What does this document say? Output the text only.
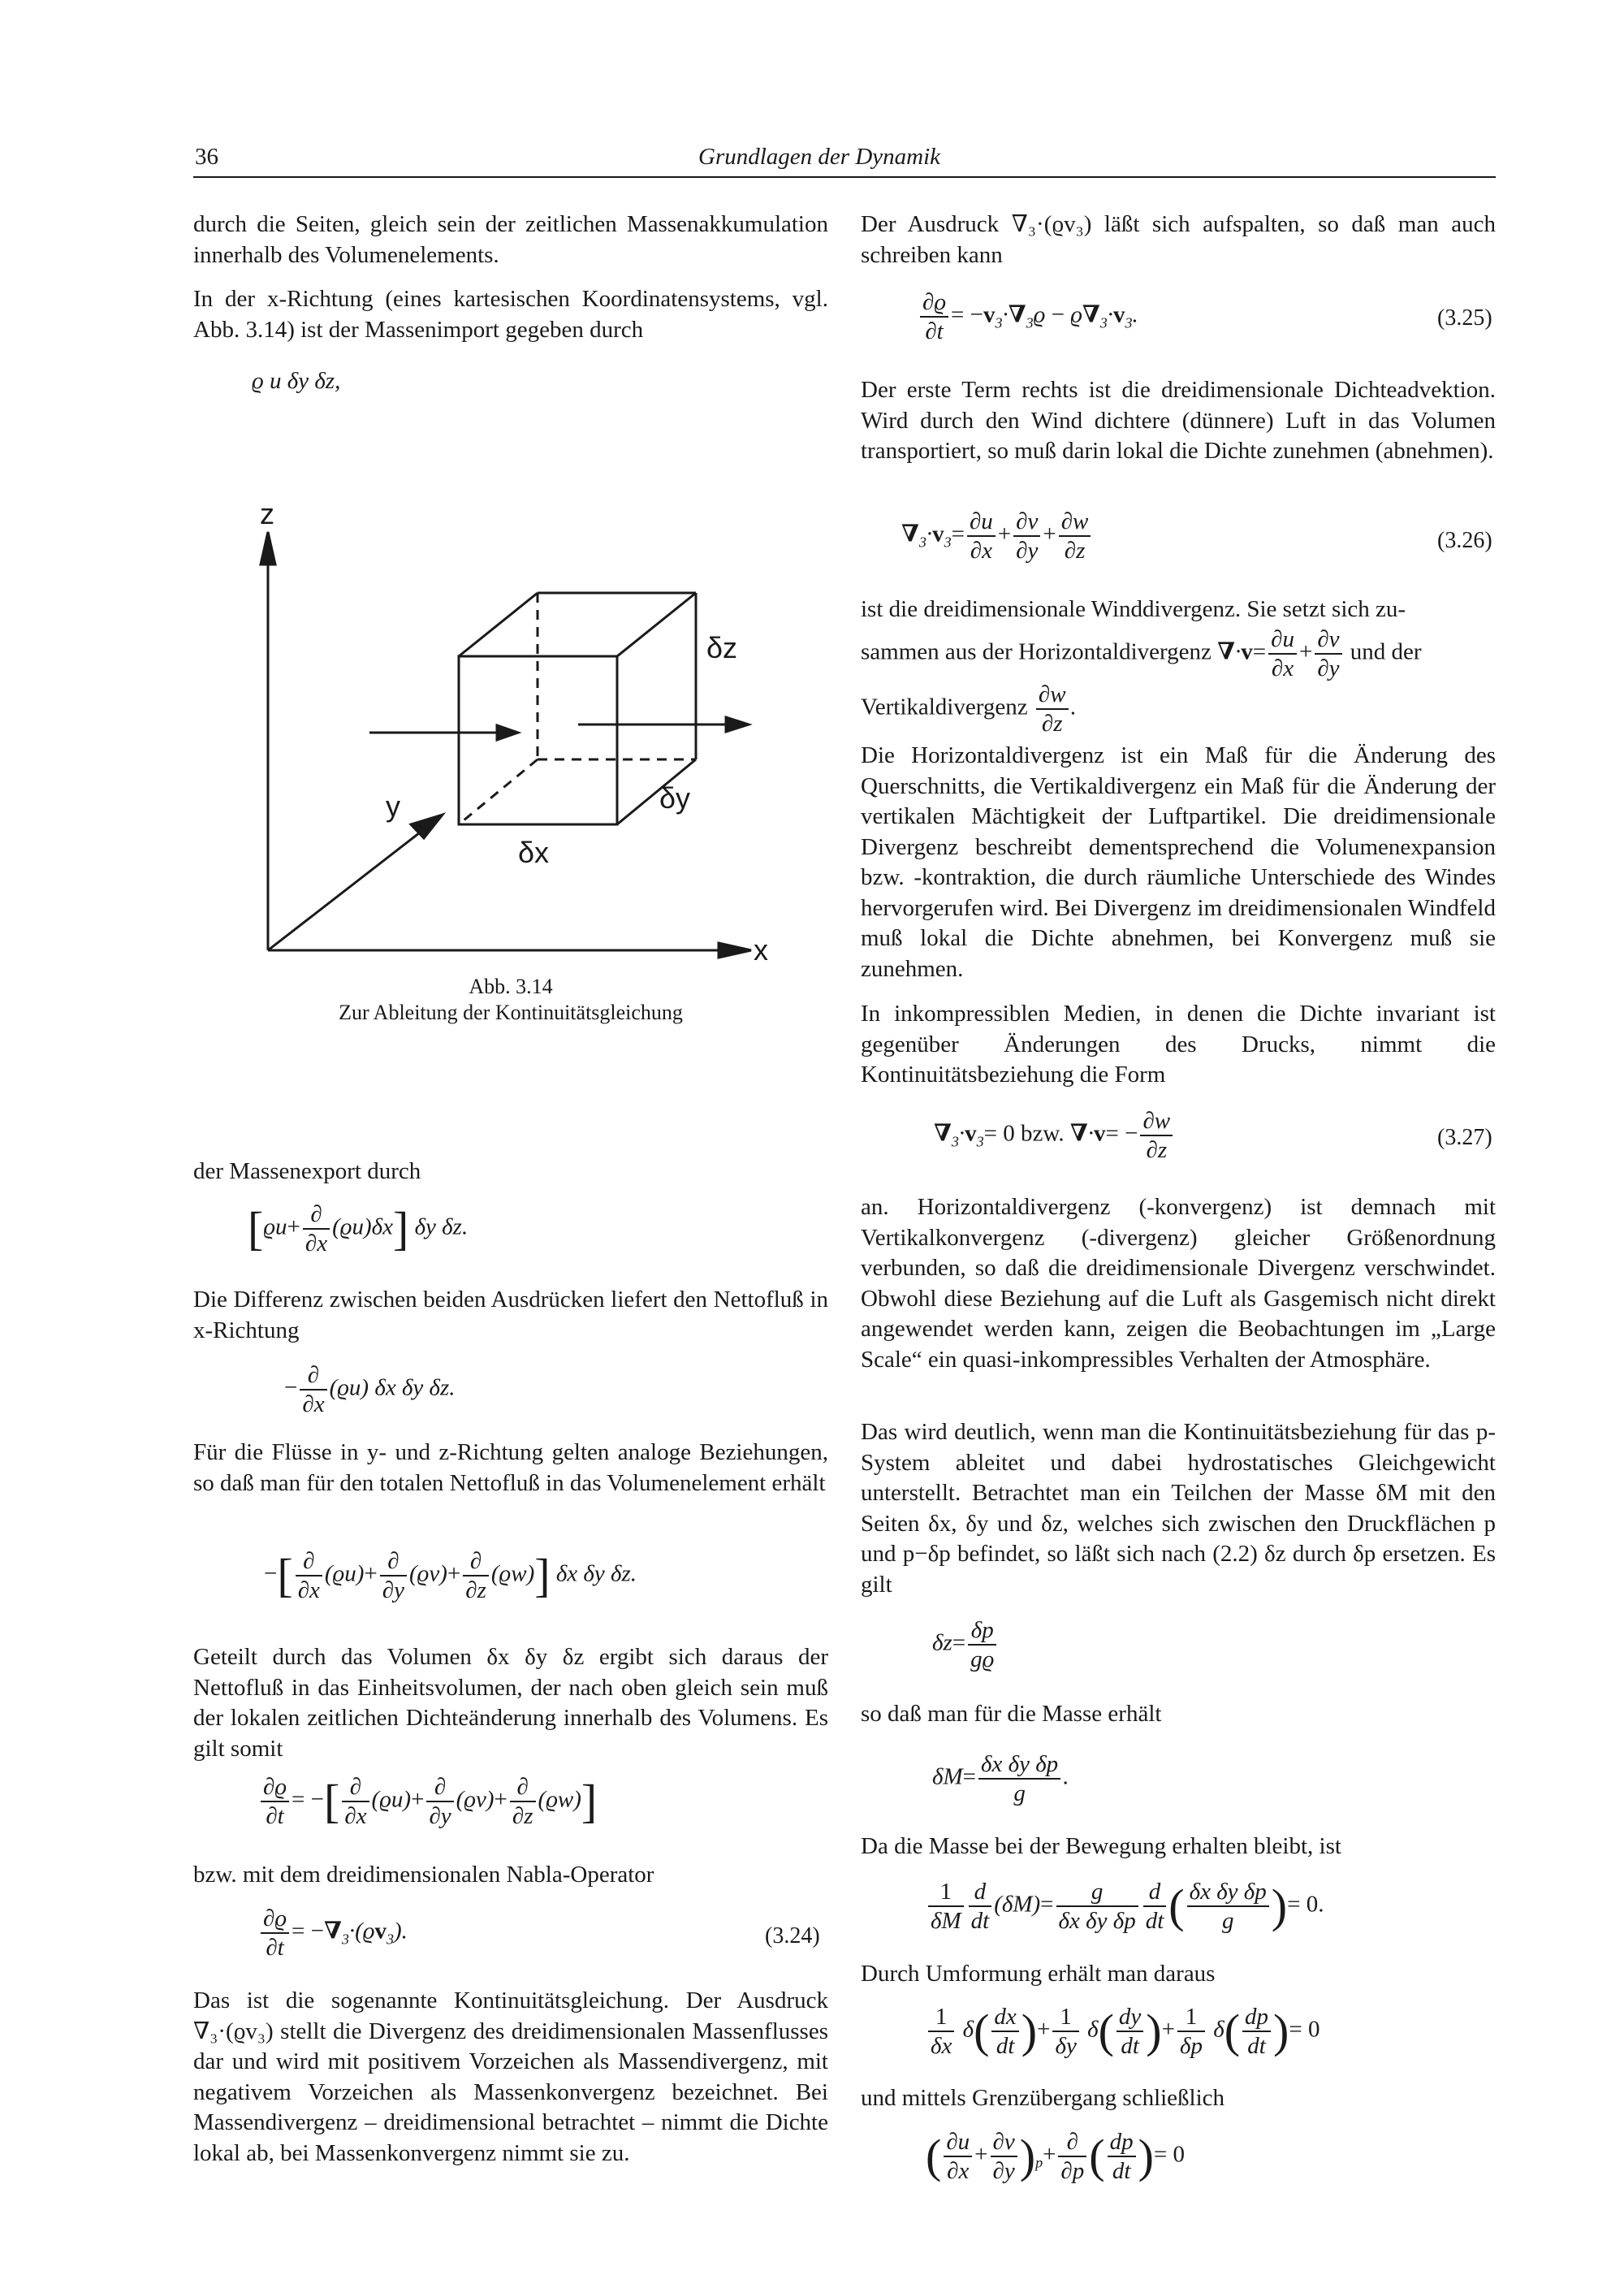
36	Grundlagen der Dynamik
durch die Seiten, gleich sein der zeitlichen Massenakkumulation innerhalb des Volumenelements.
In der x-Richtung (eines kartesischen Koordinatensystems, vgl. Abb. 3.14) ist der Massenimport gegeben durch
ϱ u δy δz,
z
y
x
δz
δy
δx
Abb. 3.14
Zur Ableitung der Kontinuitätsgleichung
der Massenexport durch
$[ϱu+ \frac{\partial}{\partial x} (ϱu)\delta x]$ δy δz.
Die Differenz zwischen beiden Ausdrücken liefert den Nettofluß in x-Richtung
− $\frac{\partial}{\partial x} (ϱu)$ δx δy δz.
Für die Flüsse in y- und z-Richtung gelten analoge Beziehungen, so daß man für den totalen Nettofluß in das Volumenelement erhält
−[ $\frac{\partial}{\partial x} (ϱu)+ \frac{\partial}{\partial y} (ϱv)+ \frac{\partial}{\partial z} (ϱw)$] δx δy δz.
Geteilt durch das Volumen δx δy δz ergibt sich daraus der Nettofluß in das Einheitsvolumen, der nach oben gleich sein muß der lokalen zeitlichen Dichteänderung innerhalb des Volumens. Es gilt somit
$\frac{\partial ϱ}{\partial t}$ = −[ $\frac{\partial}{\partial x} (ϱu)+ \frac{\partial}{\partial y} (ϱv)+ \frac{\partial}{\partial z} (ϱw)$]
bzw. mit dem dreidimensionalen Nabla-Operator
$\frac{\partial ϱ}{\partial t} = -\nabla_3\cdot(ϱv_3)$.	(3.24)
Das ist die sogenannte Kontinuitätsgleichung. Der Ausdruck ∇₃·(ϱv₃) stellt die Divergenz des dreidimensionalen Massenflusses dar und wird mit positivem Vorzeichen als Massendivergenz, mit negativem Vorzeichen als Massenkonvergenz bezeichnet. Bei Massendivergenz – dreidimensional betrachtet – nimmt die Dichte lokal ab, bei Massenkonvergenz nimmt sie zu.
Der Ausdruck ∇₃·(ϱv₃) läßt sich aufspalten, so daß man auch schreiben kann
$\frac{\partial ϱ}{\partial t} = -v_3\cdot\nabla_3ϱ - ϱ\nabla_3\cdot v_3$.	(3.25)
Der erste Term rechts ist die dreidimensionale Dichteadvektion. Wird durch den Wind dichtere (dünnere) Luft in das Volumen transportiert, so muß darin lokal die Dichte zunehmen (abnehmen).
$\nabla_3\cdot v_3= \frac{\partial u}{\partial x} + \frac{\partial v}{\partial y} + \frac{\partial w}{\partial z}$	(3.26)
ist die dreidimensionale Winddivergenz. Sie setzt sich zu-
sammen aus der Horizontaldivergenz $\nabla\cdot v= \frac{\partial u}{\partial x} + \frac{\partial v}{\partial y}$ und der
Vertikaldivergenz $\frac{\partial w}{\partial z}$ .
Die Horizontaldivergenz ist ein Maß für die Änderung des Querschnitts, die Vertikaldivergenz ein Maß für die Änderung der vertikalen Mächtigkeit der Luftpartikel. Die dreidimensionale Divergenz beschreibt dementsprechend die Volumenexpansion bzw. -kontraktion, die durch räumliche Unterschiede des Windes hervorgerufen wird. Bei Divergenz im dreidimensionalen Windfeld muß lokal die Dichte abnehmen, bei Konvergenz muß sie zunehmen.
In inkompressiblen Medien, in denen die Dichte invariant ist gegenüber Änderungen des Drucks, nimmt die Kontinuitätsbeziehung die Form
$\nabla_3\cdot v_3= 0$ bzw. $\nabla\cdot v= - \frac{\partial w}{\partial z}$	(3.27)
an. Horizontaldivergenz (-konvergenz) ist demnach mit Vertikalkonvergenz (-divergenz) gleicher Größenordnung verbunden, so daß die dreidimensionale Divergenz verschwindet. Obwohl diese Beziehung auf die Luft als Gasgemisch nicht direkt angewendet werden kann, zeigen die Beobachtungen im „Large Scale“ ein quasi-inkompressibles Verhalten der Atmosphäre.
Das wird deutlich, wenn man die Kontinuitätsbeziehung für das p-System ableitet und dabei hydrostatisches Gleichgewicht unterstellt. Betrachtet man ein Teilchen der Masse δM mit den Seiten δx, δy und δz, welches sich zwischen den Druckflächen p und p−δp befindet, so läßt sich nach (2.2) δz durch δp ersetzen. Es gilt
$\delta z= \frac{\delta p}{gϱ}$
so daß man für die Masse erhält
$\delta M= \frac{\text{δx δy δp}}{g}$ .
Da die Masse bei der Bewegung erhalten bleibt, ist
$\frac{1}{\delta M} \frac{d}{dt} (\delta M)= \frac{g}{\text{δx δy δp}} \frac{d}{dt}$ ( $\frac{\text{δx δy δp}}{g}$ )= 0.
Durch Umformung erhält man daraus
$\frac{1}{\delta x} \delta( \frac{dx}{dt}$ )+ $\frac{1}{\delta y} \delta( \frac{dy}{dt}$ )+ $\frac{1}{\delta p} \delta( \frac{dp}{dt}$ )= 0
und mittels Grenzübergang schließlich
( $\frac{\partial u}{\partial x} + \frac{\partial v}{\partial y} )_p+ \frac{\partial}{\partial p}$ ( $\frac{dp}{dt}$ )= 0
